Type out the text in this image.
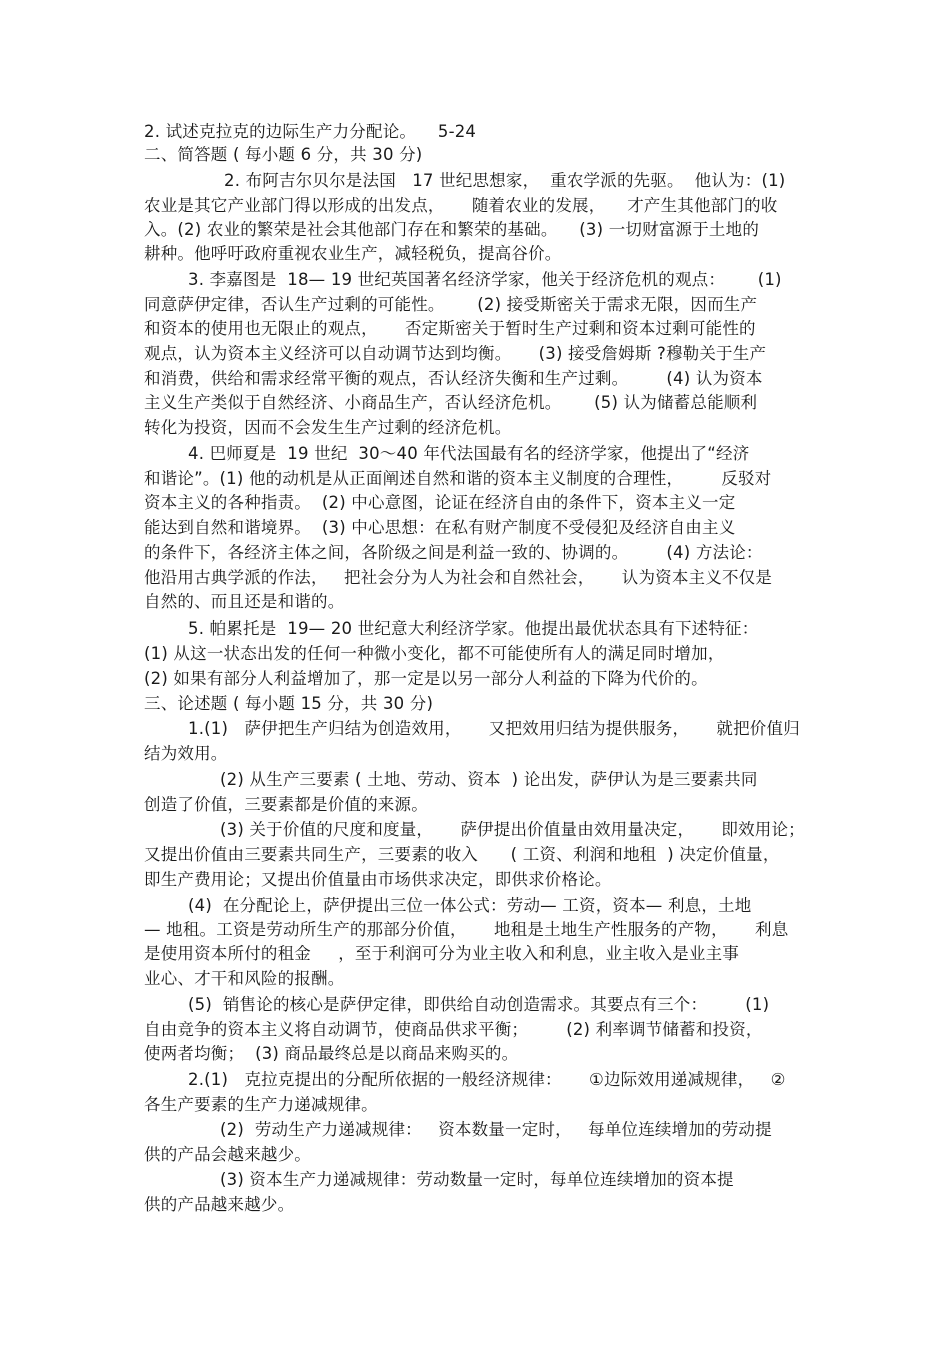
2. 试述克拉克的边际生产力分配论。    5-24
二、简答题 ( 每小题 6 分，共 30 分)
2. 布阿吉尔贝尔是法国   17 世纪思想家，  重农学派的先驱。  他认为：(1)
农业是其它产业部门得以形成的出发点，     随着农业的发展，    才产生其他部门的收
入。(2) 农业的繁荣是社会其他部门存在和繁荣的基础。    (3) 一切财富源于土地的
耕种。他呼吁政府重视农业生产，减轻税负，提高谷价。
3. 李嘉图是  18— 19 世纪英国著名经济学家，他关于经济危机的观点：      (1)
同意萨伊定律，否认生产过剩的可能性。      (2) 接受斯密关于需求无限，因而生产
和资本的使用也无限止的观点，     否定斯密关于暂时生产过剩和资本过剩可能性的
观点，认为资本主义经济可以自动调节达到均衡。     (3) 接受詹姆斯 ?穆勒关于生产
和消费，供给和需求经常平衡的观点，否认经济失衡和生产过剩。       (4) 认为资本
主义生产类似于自然经济、小商品生产，否认经济危机。      (5) 认为储蓄总能顺利
转化为投资，因而不会发生生产过剩的经济危机。
4. 巴师夏是  19 世纪  30～40 年代法国最有名的经济学家，他提出了“经济
和谐论”。(1) 他的动机是从正面阐述自然和谐的资本主义制度的合理性，       反驳对
资本主义的各种指责。  (2) 中心意图，论证在经济自由的条件下，资本主义一定
能达到自然和谐境界。  (3) 中心思想：在私有财产制度不受侵犯及经济自由主义
的条件下，各经济主体之间，各阶级之间是利益一致的、协调的。       (4) 方法论：
他沿用古典学派的作法，   把社会分为人为社会和自然社会，     认为资本主义不仅是
自然的、而且还是和谐的。
5. 帕累托是  19— 20 世纪意大利经济学家。他提出最优状态具有下述特征：
(1) 从这一状态出发的任何一种微小变化，都不可能使所有人的满足同时增加，
(2) 如果有部分人利益增加了，那一定是以另一部分人利益的下降为代价的。
三、论述题 ( 每小题 15 分，共 30 分)
1.(1)   萨伊把生产归结为创造效用，     又把效用归结为提供服务，     就把价值归
结为效用。
(2) 从生产三要素 ( 土地、劳动、资本  ) 论出发，萨伊认为是三要素共同
创造了价值，三要素都是价值的来源。
(3) 关于价值的尺度和度量，     萨伊提出价值量由效用量决定，     即效用论；
又提出价值由三要素共同生产，三要素的收入      ( 工资、利润和地租  ) 决定价值量，
即生产费用论；又提出价值量由市场供求决定，即供求价格论。
(4)  在分配论上，萨伊提出三位一体公式：劳动— 工资，资本— 利息，土地
— 地租。工资是劳动所生产的那部分价值，     地租是土地生产性服务的产物，     利息
是使用资本所付的租金     ，至于利润可分为业主收入和利息，业主收入是业主事
业心、才干和风险的报酬。
(5)  销售论的核心是萨伊定律，即供给自动创造需求。其要点有三个：       (1)
自由竞争的资本主义将自动调节，使商品供求平衡；       (2) 利率调节储蓄和投资，
使两者均衡；  (3) 商品最终总是以商品来购买的。
2.(1)   克拉克提出的分配所依据的一般经济规律：     ①边际效用递减规律，   ②
各生产要素的生产力递减规律。
(2)  劳动生产力递减规律：   资本数量一定时，   每单位连续增加的劳动提
供的产品会越来越少。
(3) 资本生产力递减规律：劳动数量一定时，每单位连续增加的资本提
供的产品越来越少。
